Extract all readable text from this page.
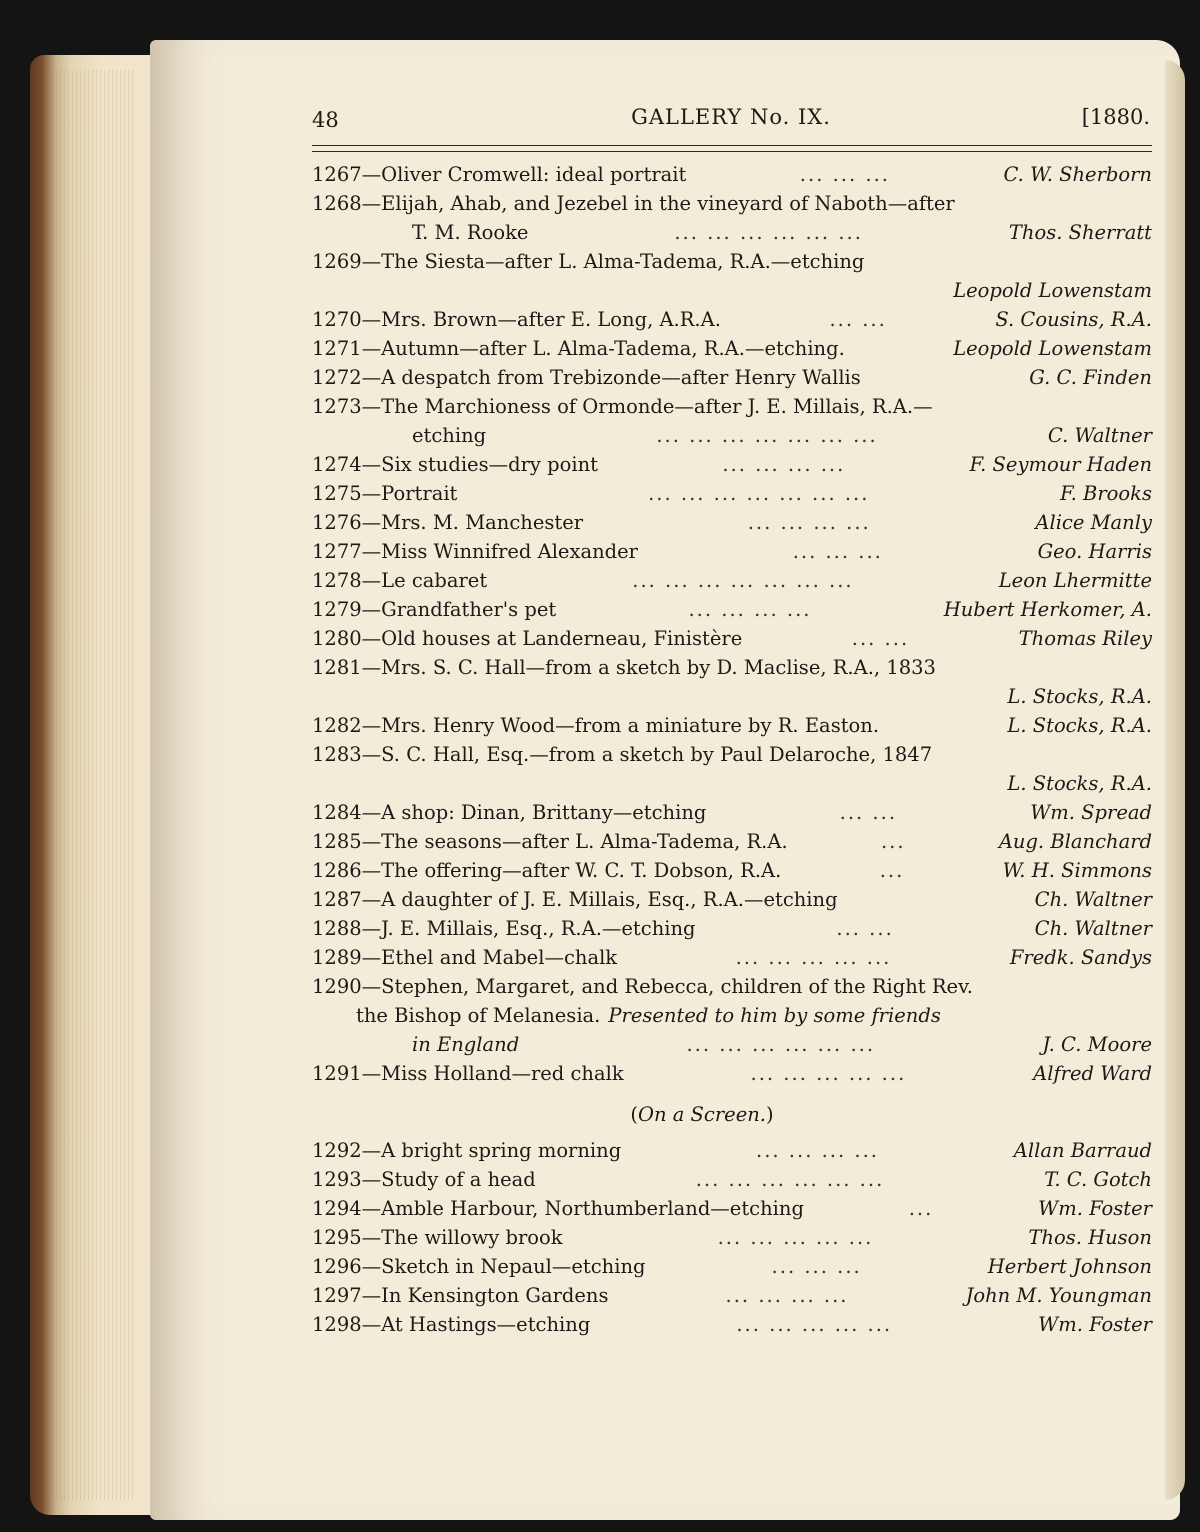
48	GALLERY No. IX.	[1880.
1267— Oliver Cromwell: ideal portrait	... ... ...	C. W. Sherborn
1268— Elijah, Ahab, and Jezebel in the vineyard of Naboth—after
T. M. Rooke	... ... ... ... ... ...	Thos. Sherratt
1269— The Siesta—after L. Alma-Tadema, R.A.—etching
Leopold Lowenstam
1270— Mrs. Brown—after E. Long, A.R.A.	... ...	S. Cousins, R.A.
1271— Autumn—after L. Alma-Tadema, R.A.—etching.	Leopold Lowenstam
1272— A despatch from Trebizonde—after Henry Wallis	G. C. Finden
1273— The Marchioness of Ormonde—after J. E. Millais, R.A.—
etching	... ... ... ... ... ... ...	C. Waltner
1274— Six studies—dry point	... ... ... ...	F. Seymour Haden
1275— Portrait	... ... ... ... ... ... ...	F. Brooks
1276— Mrs. M. Manchester	... ... ... ...	Alice Manly
1277— Miss Winnifred Alexander	... ... ...	Geo. Harris
1278— Le cabaret	... ... ... ... ... ... ...	Leon Lhermitte
1279— Grandfather's pet	... ... ... ...	Hubert Herkomer, A.
1280— Old houses at Landerneau, Finistère	... ...	Thomas Riley
1281— Mrs. S. C. Hall—from a sketch by D. Maclise, R.A., 1833
L. Stocks, R.A.
1282— Mrs. Henry Wood—from a miniature by R. Easton.	L. Stocks, R.A.
1283— S. C. Hall, Esq.—from a sketch by Paul Delaroche, 1847
L. Stocks, R.A.
1284— A shop: Dinan, Brittany—etching	... ...	Wm. Spread
1285— The seasons—after L. Alma-Tadema, R.A.	...	Aug. Blanchard
1286— The offering—after W. C. T. Dobson, R.A.	...	W. H. Simmons
1287— A daughter of J. E. Millais, Esq., R.A.—etching	Ch. Waltner
1288— J. E. Millais, Esq., R.A.—etching	... ...	Ch. Waltner
1289— Ethel and Mabel—chalk	... ... ... ... ...	Fredk. Sandys
1290— Stephen, Margaret, and Rebecca, children of the Right Rev.
the Bishop of Melanesia. Presented to him by some friends
in England	... ... ... ... ... ...	J. C. Moore
1291— Miss Holland—red chalk	... ... ... ... ...	Alfred Ward
(On a Screen.)
1292— A bright spring morning	... ... ... ...	Allan Barraud
1293— Study of a head	... ... ... ... ... ...	T. C. Gotch
1294— Amble Harbour, Northumberland—etching	...	Wm. Foster
1295— The willowy brook	... ... ... ... ...	Thos. Huson
1296— Sketch in Nepaul—etching	... ... ...	Herbert Johnson
1297— In Kensington Gardens	... ... ... ...	John M. Youngman
1298— At Hastings—etching	... ... ... ... ...	Wm. Foster
